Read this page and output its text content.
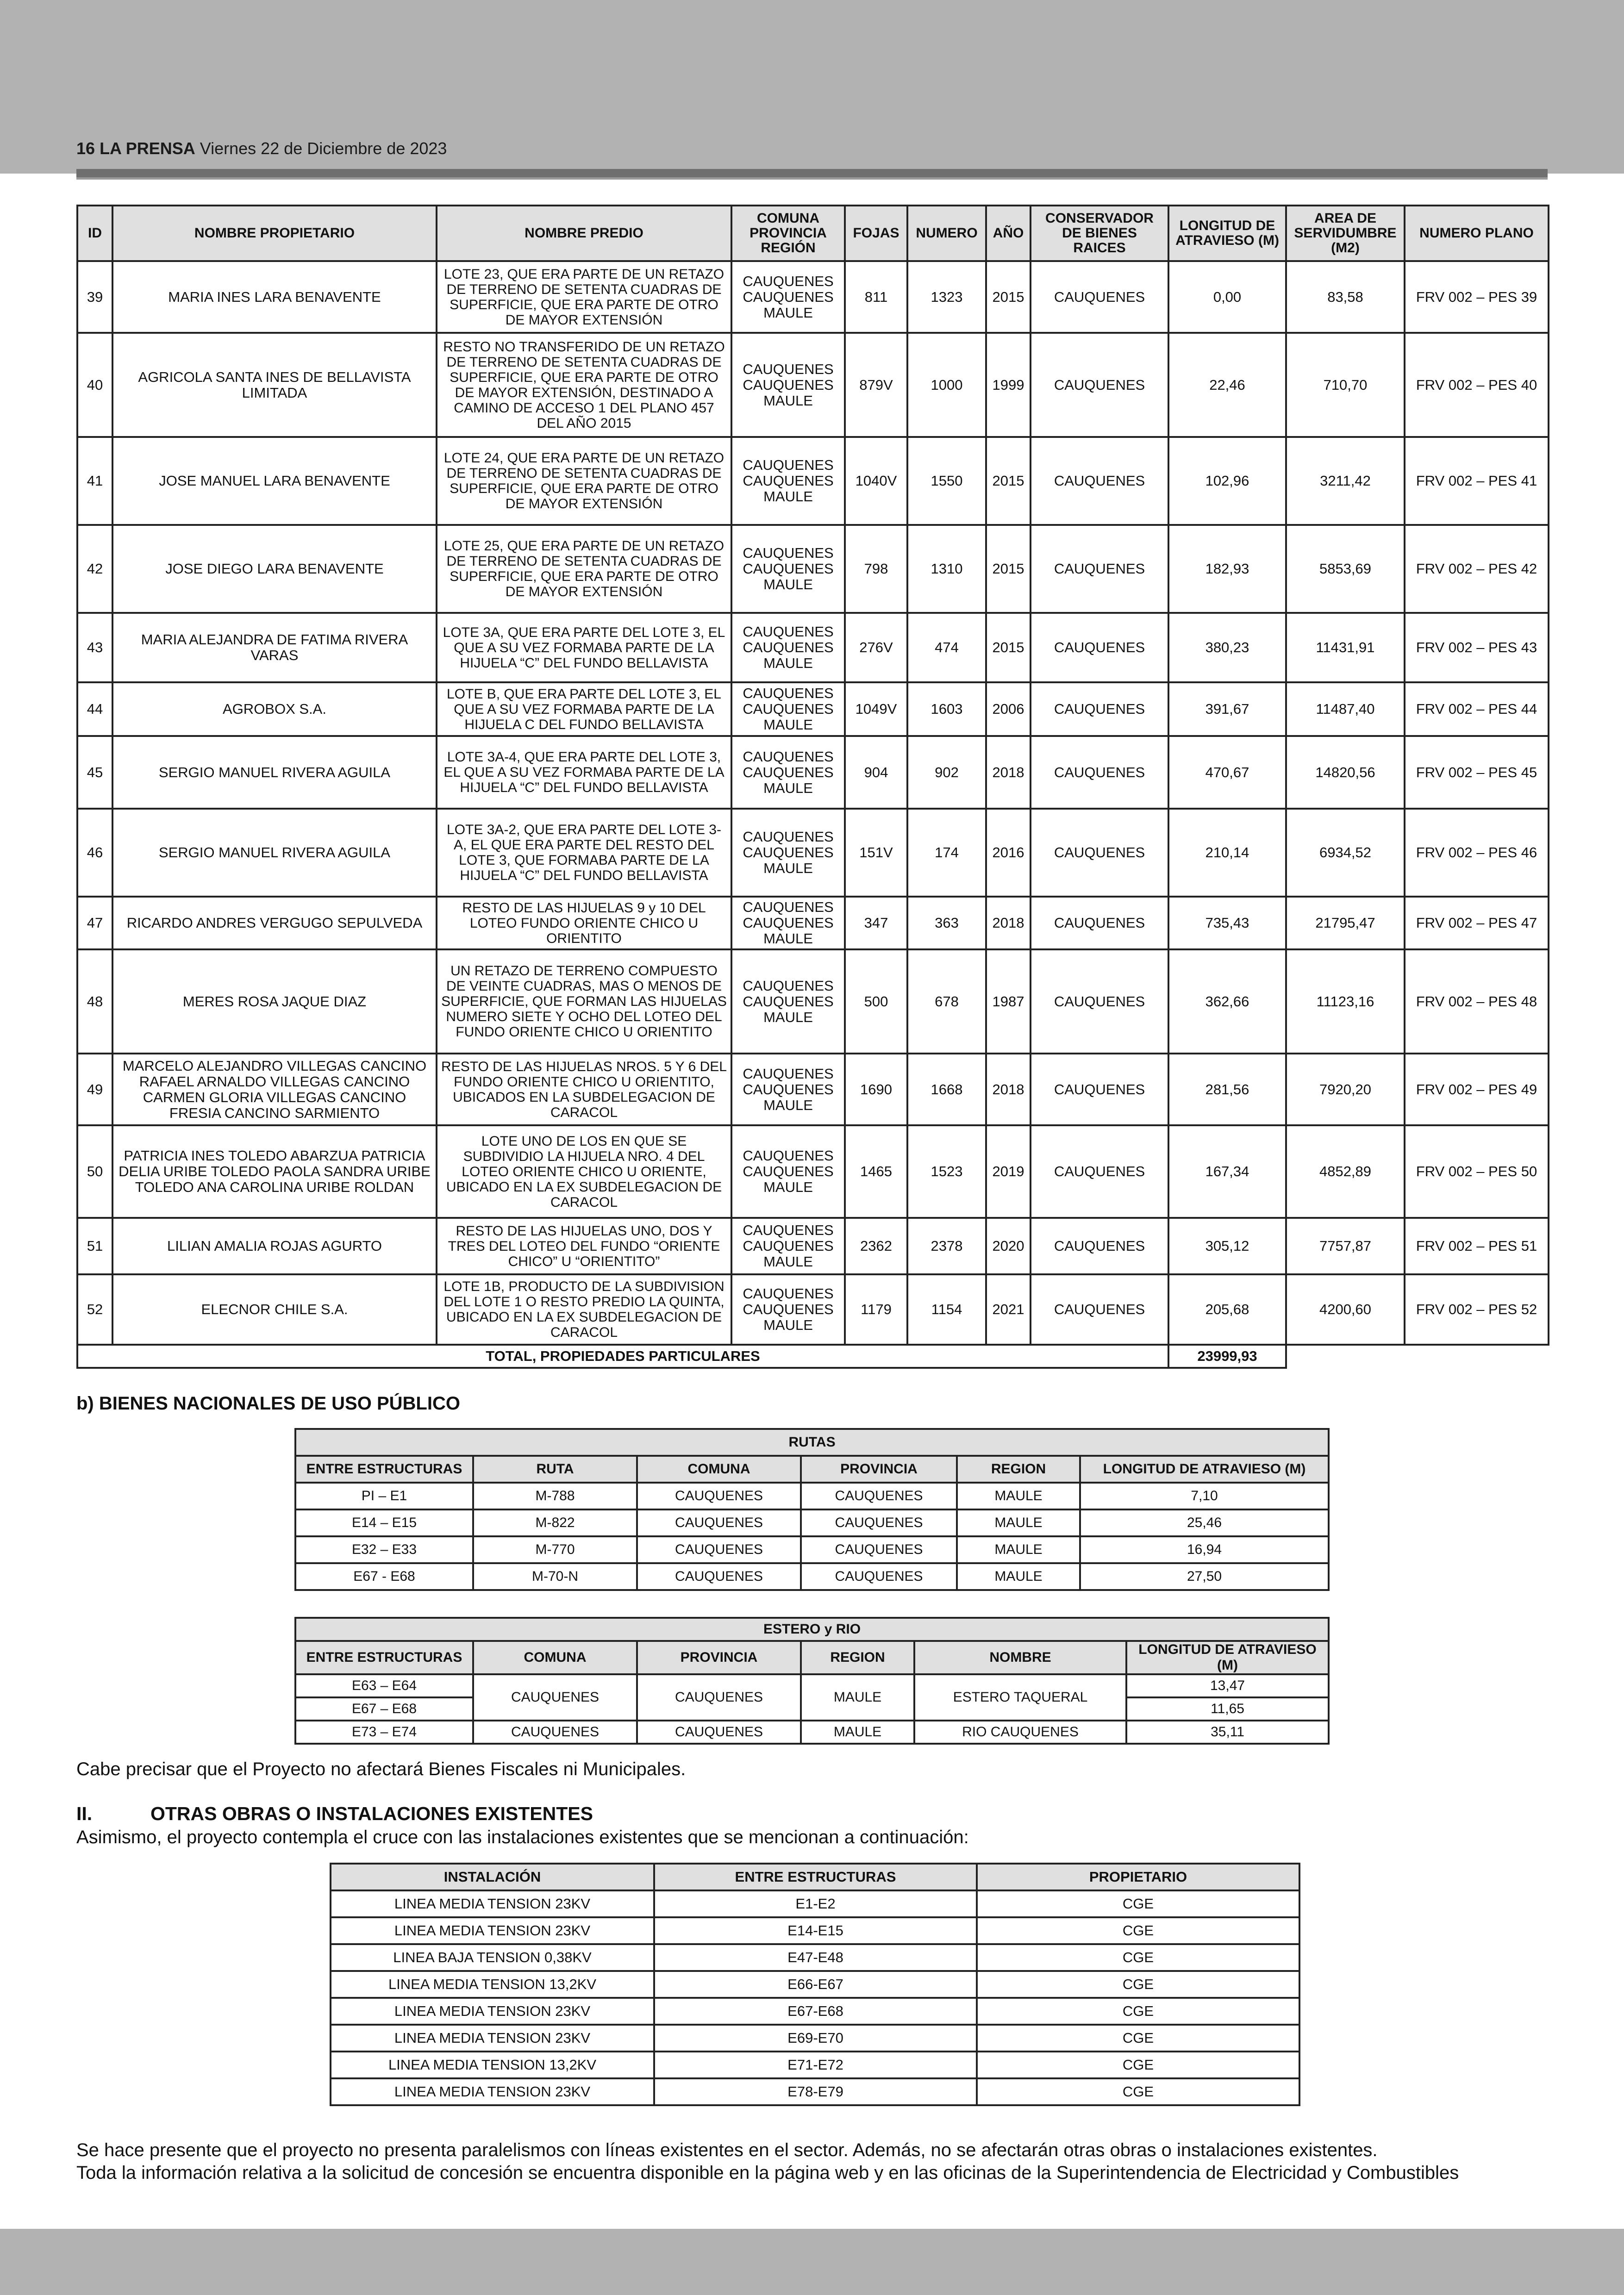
16 LA PRENSA Viernes 22 de Diciembre de 2023
ID	NOMBRE PROPIETARIO	NOMBRE PREDIO	COMUNA PROVINCIA REGIÓN	FOJAS	NUMERO	AÑO	CONSERVADOR DE BIENES RAICES	LONGITUD DE ATRAVIESO (M)	AREA DE SERVIDUMBRE (M2)	NUMERO PLANO
39	MARIA INES LARA BENAVENTE	LOTE 23, QUE ERA PARTE DE UN RETAZO DE TERRENO DE SETENTA CUADRAS DE SUPERFICIE, QUE ERA PARTE DE OTRO DE MAYOR EXTENSIÓN	CAUQUENES CAUQUENES MAULE	811	1323	2015	CAUQUENES	0,00	83,58	FRV 002 – PES 39
40	AGRICOLA SANTA INES DE BELLAVISTA LIMITADA	RESTO NO TRANSFERIDO DE UN RETAZO DE TERRENO DE SETENTA CUADRAS DE SUPERFICIE, QUE ERA PARTE DE OTRO DE MAYOR EXTENSIÓN, DESTINADO A CAMINO DE ACCESO 1 DEL PLANO 457 DEL AÑO 2015	CAUQUENES CAUQUENES MAULE	879V	1000	1999	CAUQUENES	22,46	710,70	FRV 002 – PES 40
41	JOSE MANUEL LARA BENAVENTE	LOTE 24, QUE ERA PARTE DE UN RETAZO DE TERRENO DE SETENTA CUADRAS DE SUPERFICIE, QUE ERA PARTE DE OTRO DE MAYOR EXTENSIÓN	CAUQUENES CAUQUENES MAULE	1040V	1550	2015	CAUQUENES	102,96	3211,42	FRV 002 – PES 41
42	JOSE DIEGO LARA BENAVENTE	LOTE 25, QUE ERA PARTE DE UN RETAZO DE TERRENO DE SETENTA CUADRAS DE SUPERFICIE, QUE ERA PARTE DE OTRO DE MAYOR EXTENSIÓN	CAUQUENES CAUQUENES MAULE	798	1310	2015	CAUQUENES	182,93	5853,69	FRV 002 – PES 42
43	MARIA ALEJANDRA DE FATIMA RIVERA VARAS	LOTE 3A, QUE ERA PARTE DEL LOTE 3, EL QUE A SU VEZ FORMABA PARTE DE LA HIJUELA “C” DEL FUNDO BELLAVISTA	CAUQUENES CAUQUENES MAULE	276V	474	2015	CAUQUENES	380,23	11431,91	FRV 002 – PES 43
44	AGROBOX S.A.	LOTE B, QUE ERA PARTE DEL LOTE 3, EL QUE A SU VEZ FORMABA PARTE DE LA HIJUELA C DEL FUNDO BELLAVISTA	CAUQUENES CAUQUENES MAULE	1049V	1603	2006	CAUQUENES	391,67	11487,40	FRV 002 – PES 44
45	SERGIO MANUEL RIVERA AGUILA	LOTE 3A-4, QUE ERA PARTE DEL LOTE 3, EL QUE A SU VEZ FORMABA PARTE DE LA HIJUELA “C” DEL FUNDO BELLAVISTA	CAUQUENES CAUQUENES MAULE	904	902	2018	CAUQUENES	470,67	14820,56	FRV 002 – PES 45
46	SERGIO MANUEL RIVERA AGUILA	LOTE 3A-2, QUE ERA PARTE DEL LOTE 3-A, EL QUE ERA PARTE DEL RESTO DEL LOTE 3, QUE FORMABA PARTE DE LA HIJUELA “C” DEL FUNDO BELLAVISTA	CAUQUENES CAUQUENES MAULE	151V	174	2016	CAUQUENES	210,14	6934,52	FRV 002 – PES 46
47	RICARDO ANDRES VERGUGO SEPULVEDA	RESTO DE LAS HIJUELAS 9 y 10 DEL LOTEO FUNDO ORIENTE CHICO U ORIENTITO	CAUQUENES CAUQUENES MAULE	347	363	2018	CAUQUENES	735,43	21795,47	FRV 002 – PES 47
48	MERES ROSA JAQUE DIAZ	UN RETAZO DE TERRENO COMPUESTO DE VEINTE CUADRAS, MAS O MENOS DE SUPERFICIE, QUE FORMAN LAS HIJUELAS NUMERO SIETE Y OCHO DEL LOTEO DEL FUNDO ORIENTE CHICO U ORIENTITO	CAUQUENES CAUQUENES MAULE	500	678	1987	CAUQUENES	362,66	11123,16	FRV 002 – PES 48
49	MARCELO ALEJANDRO VILLEGAS CANCINO RAFAEL ARNALDO VILLEGAS CANCINO CARMEN GLORIA VILLEGAS CANCINO FRESIA CANCINO SARMIENTO	RESTO DE LAS HIJUELAS NROS. 5 Y 6 DEL FUNDO ORIENTE CHICO U ORIENTITO, UBICADOS EN LA SUBDELEGACION DE CARACOL	CAUQUENES CAUQUENES MAULE	1690	1668	2018	CAUQUENES	281,56	7920,20	FRV 002 – PES 49
50	PATRICIA INES TOLEDO ABARZUA PATRICIA DELIA URIBE TOLEDO PAOLA SANDRA URIBE TOLEDO ANA CAROLINA URIBE ROLDAN	LOTE UNO DE LOS EN QUE SE SUBDIVIDIO LA HIJUELA NRO. 4 DEL LOTEO ORIENTE CHICO U ORIENTE, UBICADO EN LA EX SUBDELEGACION DE CARACOL	CAUQUENES CAUQUENES MAULE	1465	1523	2019	CAUQUENES	167,34	4852,89	FRV 002 – PES 50
51	LILIAN AMALIA ROJAS AGURTO	RESTO DE LAS HIJUELAS UNO, DOS Y TRES DEL LOTEO DEL FUNDO “ORIENTE CHICO” U “ORIENTITO”	CAUQUENES CAUQUENES MAULE	2362	2378	2020	CAUQUENES	305,12	7757,87	FRV 002 – PES 51
52	ELECNOR CHILE S.A.	LOTE 1B, PRODUCTO DE LA SUBDIVISION DEL LOTE 1 O RESTO PREDIO LA QUINTA, UBICADO EN LA EX SUBDELEGACION DE CARACOL	CAUQUENES CAUQUENES MAULE	1179	1154	2021	CAUQUENES	205,68	4200,60	FRV 002 – PES 52
TOTAL, PROPIEDADES PARTICULARES								23999,93		
b) BIENES NACIONALES DE USO PÚBLICO
RUTAS					
ENTRE ESTRUCTURAS	RUTA	COMUNA	PROVINCIA	REGION	LONGITUD DE ATRAVIESO (M)
PI – E1	M-788	CAUQUENES	CAUQUENES	MAULE	7,10
E14 – E15	M-822	CAUQUENES	CAUQUENES	MAULE	25,46
E32 – E33	M-770	CAUQUENES	CAUQUENES	MAULE	16,94
E67 - E68	M-70-N	CAUQUENES	CAUQUENES	MAULE	27,50
ESTERO y RIO					
ENTRE ESTRUCTURAS	COMUNA	PROVINCIA	REGION	NOMBRE	LONGITUD DE ATRAVIESO (M)
E63 – E64	CAUQUENES	CAUQUENES	MAULE	ESTERO TAQUERAL	13,47
E67 – E68					11,65
E73 – E74	CAUQUENES	CAUQUENES	MAULE	RIO CAUQUENES	35,11
Cabe precisar que el Proyecto no afectará Bienes Fiscales ni Municipales.
II.	OTRAS OBRAS O INSTALACIONES EXISTENTES
Asimismo, el proyecto contempla el cruce con las instalaciones existentes que se mencionan a continuación:
INSTALACIÓN	ENTRE ESTRUCTURAS	PROPIETARIO
LINEA MEDIA TENSION 23KV	E1-E2	CGE
LINEA MEDIA TENSION 23KV	E14-E15	CGE
LINEA BAJA TENSION 0,38KV	E47-E48	CGE
LINEA MEDIA TENSION 13,2KV	E66-E67	CGE
LINEA MEDIA TENSION 23KV	E67-E68	CGE
LINEA MEDIA TENSION 23KV	E69-E70	CGE
LINEA MEDIA TENSION 13,2KV	E71-E72	CGE
LINEA MEDIA TENSION 23KV	E78-E79	CGE
Se hace presente que el proyecto no presenta paralelismos con líneas existentes en el sector. Además, no se afectarán otras obras o instalaciones existentes.
Toda la información relativa a la solicitud de concesión se encuentra disponible en la página web y en las oficinas de la Superintendencia de Electricidad y Combustibles
